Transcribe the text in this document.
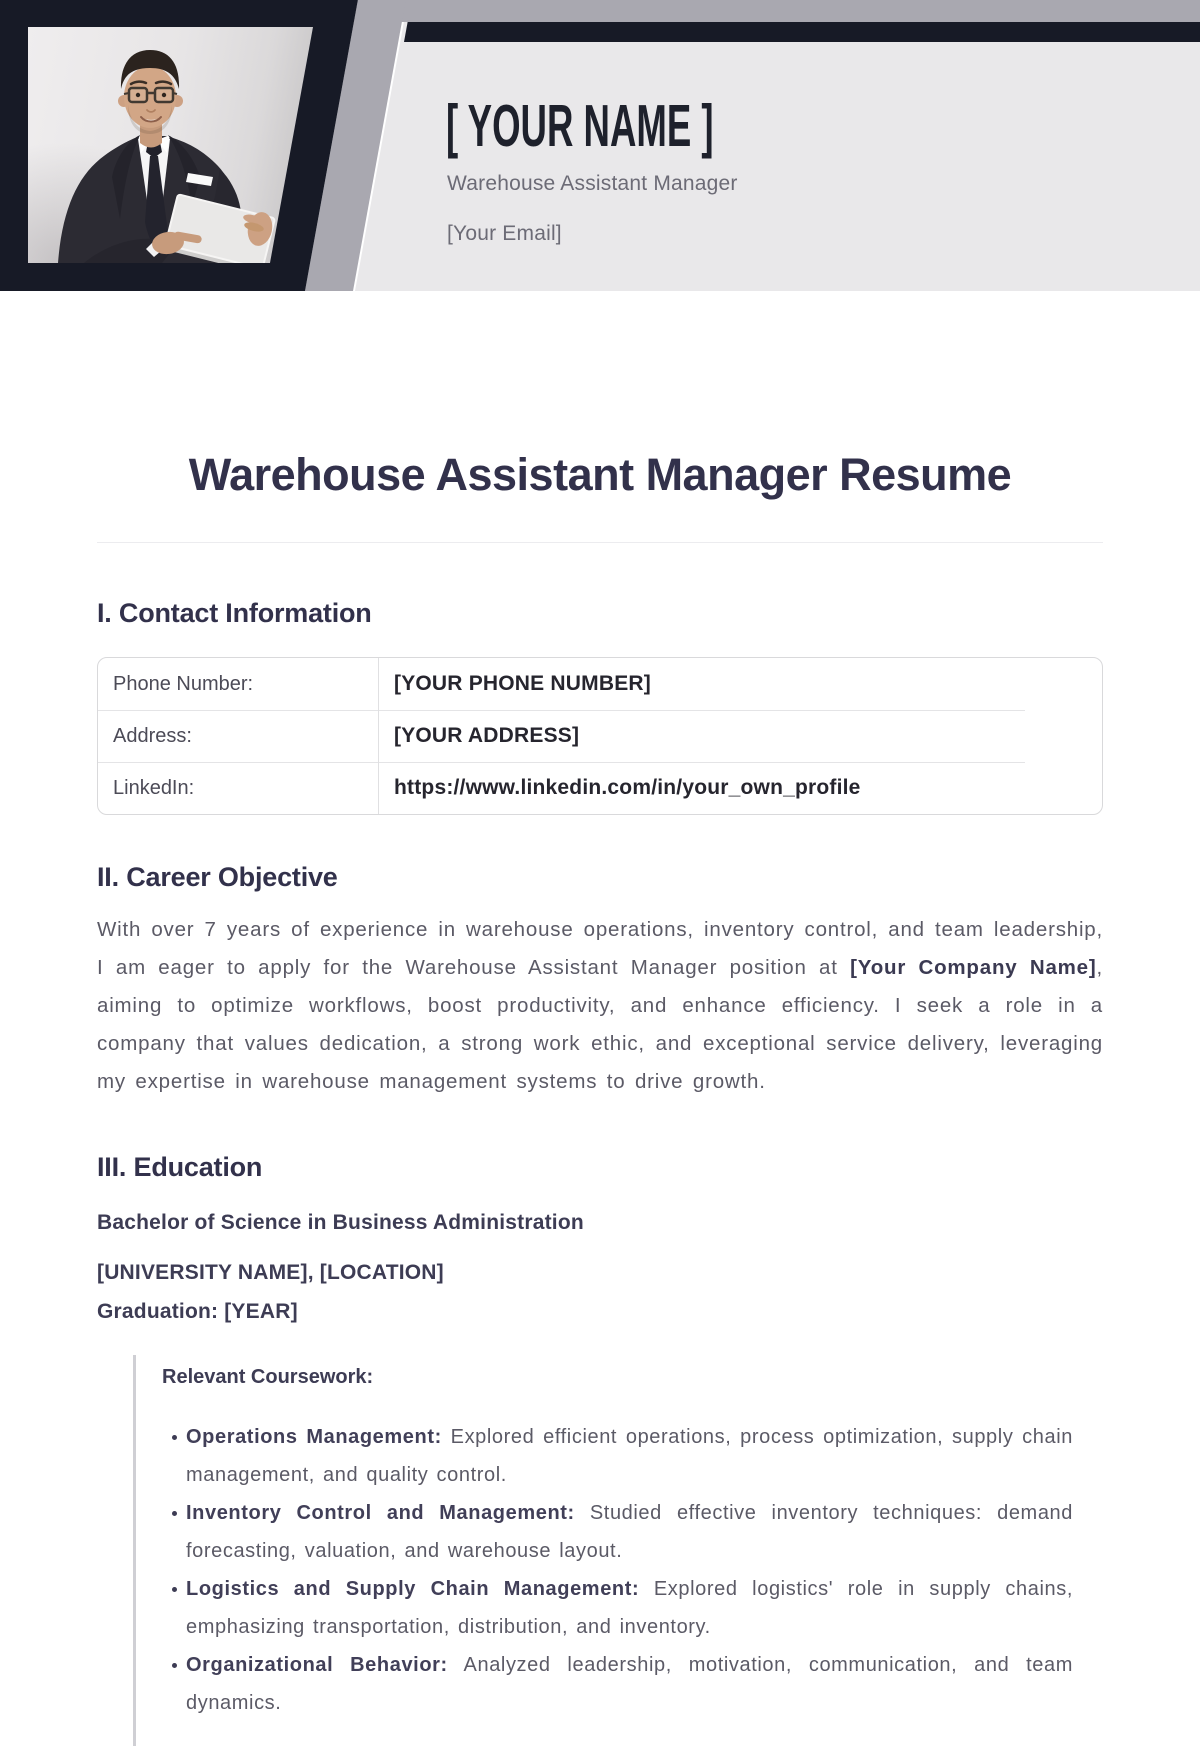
[ YOUR NAME ]
Warehouse Assistant Manager
[Your Email]
Warehouse Assistant Manager Resume
I. Contact Information
Phone Number:	[YOUR PHONE NUMBER]
Address:	[YOUR ADDRESS]
LinkedIn:	https://www.linkedin.com/in/your_own_profile
II. Career Objective

With over 7 years of experience in warehouse operations, inventory control, and team leadership, I am eager to apply for the Warehouse Assistant Manager position at [Your Company Name], aiming to optimize workflows, boost productivity, and enhance efficiency. I seek a role in a company that values dedication, a strong work ethic, and exceptional service delivery, leveraging my expertise in warehouse management systems to drive growth.

III. Education

Bachelor of Science in Business Administration

[UNIVERSITY NAME], [LOCATION]

Graduation: [YEAR]

Relevant Coursework:

Operations Management: Explored efficient operations, process optimization, supply chain management, and quality control.
Inventory Control and Management: Studied effective inventory techniques: demand forecasting, valuation, and warehouse layout.
Logistics and Supply Chain Management: Explored logistics' role in supply chains, emphasizing transportation, distribution, and inventory.
Organizational Behavior: Analyzed leadership, motivation, communication, and team dynamics.
